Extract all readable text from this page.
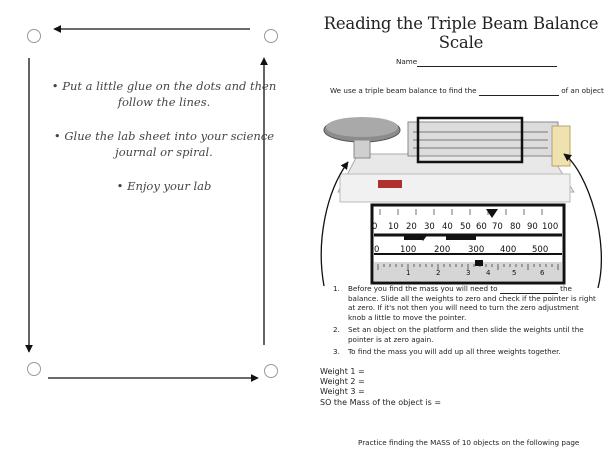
• Put a little glue on the dots and then follow the lines.
• Glue the lab sheet into your science journal or spiral.
• Enjoy your lab
Reading the Triple Beam Balance Scale
Name
We use a triple beam balance to find the	of an object
0 10 20 30 40 50 60 70 80 90 100
0 100 200 300 400 500
1	2	3 4	5	6
1. Before you find the mass you will need to	the balance. Slide all the weights to zero and check if the pointer is right at zero. If it's not then you will need to turn the zero adjustment knob a little to move the pointer.
2. Set an object on the platform and then slide the weights until the pointer is at zero again.
3. To find the mass you will add up all three weights together.
Weight 1 =
Weight 2 =
Weight 3 =
SO the Mass of the object is =
Practice finding the MASS of 10 objects on the following page
